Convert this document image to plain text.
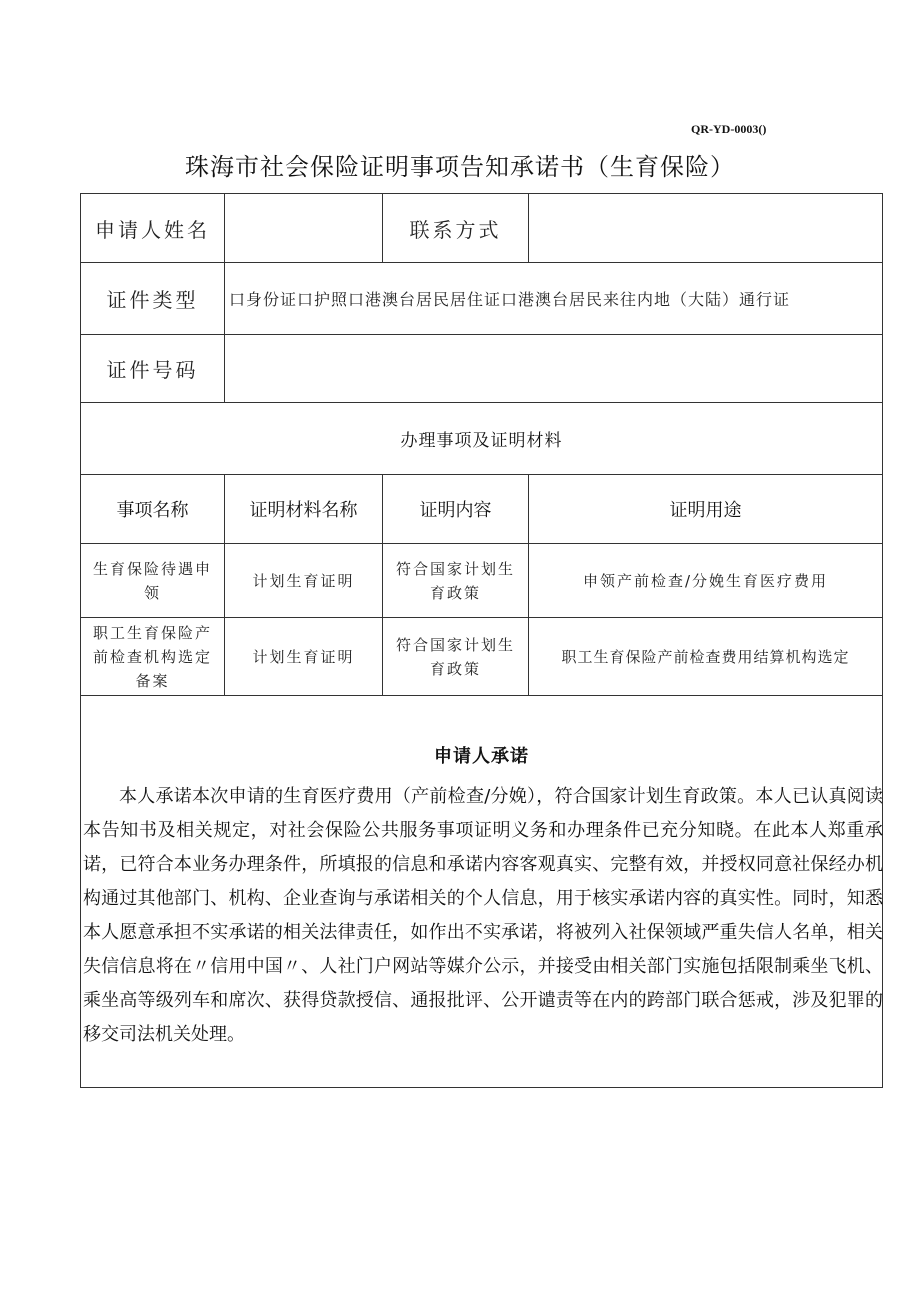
QR-YD-0003()
珠海市社会保险证明事项告知承诺书（生育保险）
申请人姓名		联系方式	
证件类型	口身份证口护照口港澳台居民居住证口港澳台居民来往内地（大陆）通行证		
证件号码			
办理事项及证明材料			
事项名称	证明材料名称	证明内容	证明用途
生育保险待遇申领	计划生育证明	符合国家计划生育政策	申领产前检查/分娩生育医疗费用
职工生育保险产前检查机构选定备案	计划生育证明	符合国家计划生育政策	职工生育保险产前检查费用结算机构选定

申请人承诺

本人承诺本次申请的生育医疗费用（产前检查/分娩），符合国家计划生育政策。本人已认真阅读本告知书及相关规定，对社会保险公共服务事项证明义务和办理条件已充分知晓。在此本人郑重承诺，已符合本业务办理条件，所填报的信息和承诺内容客观真实、完整有效，并授权同意社保经办机构通过其他部门、机构、企业查询与承诺相关的个人信息，用于核实承诺内容的真实性。同时，知悉本人愿意承担不实承诺的相关法律责任，如作出不实承诺，将被列入社保领域严重失信人名单，相关失信信息将在〃信用中国〃、人社门户网站等媒介公示，并接受由相关部门实施包括限制乘坐飞机、乘坐高等级列车和席次、获得贷款授信、通报批评、公开谴责等在内的跨部门联合惩戒，涉及犯罪的移交司法机关处理。			
